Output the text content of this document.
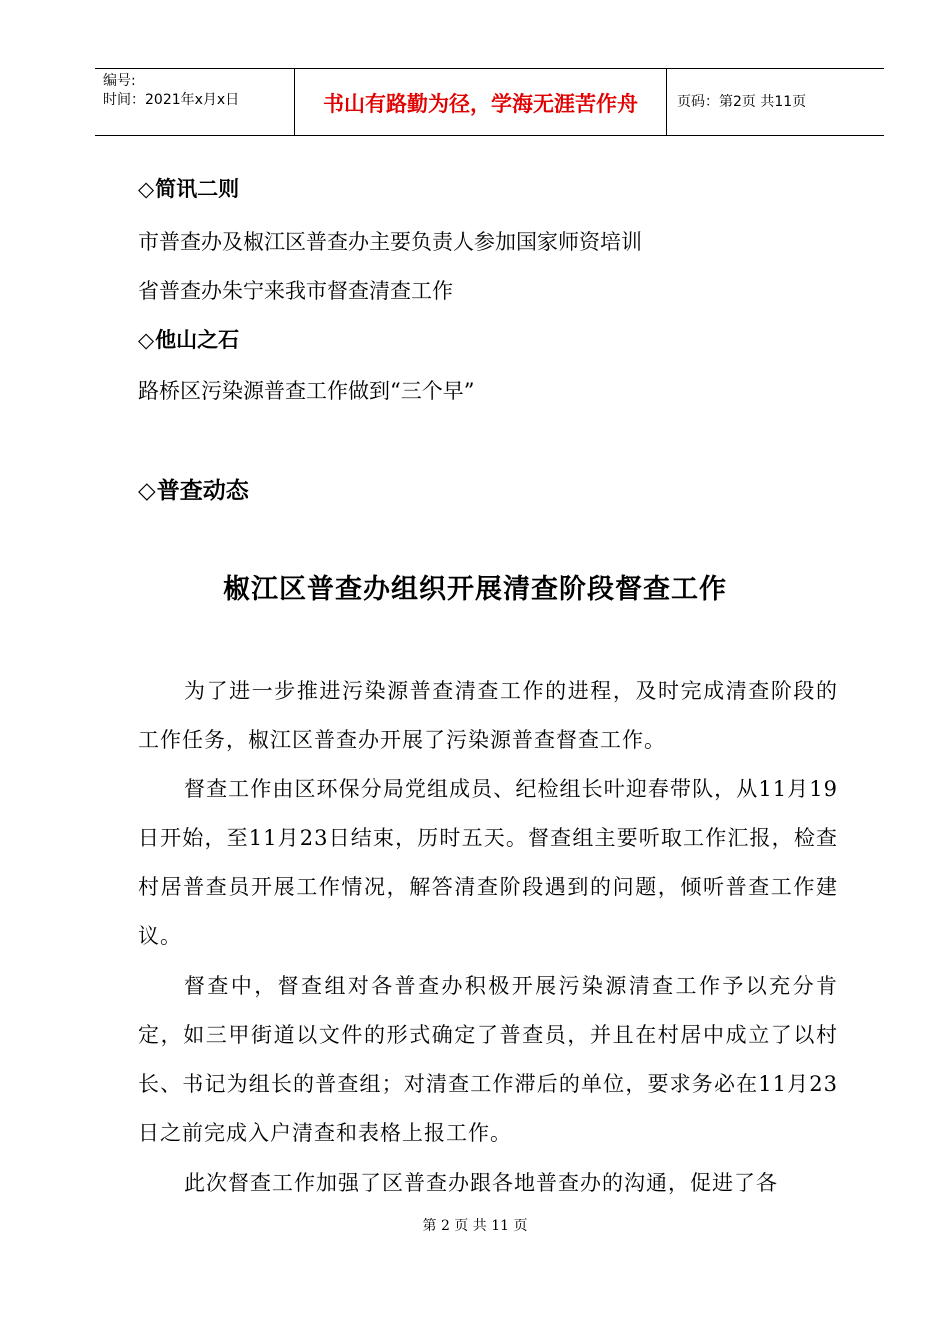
编号:
时间：2021年x月x日	书山有路勤为径，学海无涯苦作舟	页码：第2页 共11页
◇简讯二则
市普查办及椒江区普查办主要负责人参加国家师资培训
省普查办朱宁来我市督查清查工作
◇他山之石
路桥区污染源普查工作做到“三个早”
◇普查动态
椒江区普查办组织开展清查阶段督查工作
为了进一步推进污染源普查清查工作的进程，及时完成清查阶段的工作任务，椒江区普查办开展了污染源普查督查工作。
督查工作由区环保分局党组成员、纪检组长叶迎春带队，从11月19日开始，至11月23日结束，历时五天。督查组主要听取工作汇报，检查村居普查员开展工作情况，解答清查阶段遇到的问题，倾听普查工作建议。
督查中，督查组对各普查办积极开展污染源清查工作予以充分肯定，如三甲街道以文件的形式确定了普查员，并且在村居中成立了以村长、书记为组长的普查组；对清查工作滞后的单位，要求务必在11月23日之前完成入户清查和表格上报工作。
此次督查工作加强了区普查办跟各地普查办的沟通，促进了各
第 2 页 共 11 页
